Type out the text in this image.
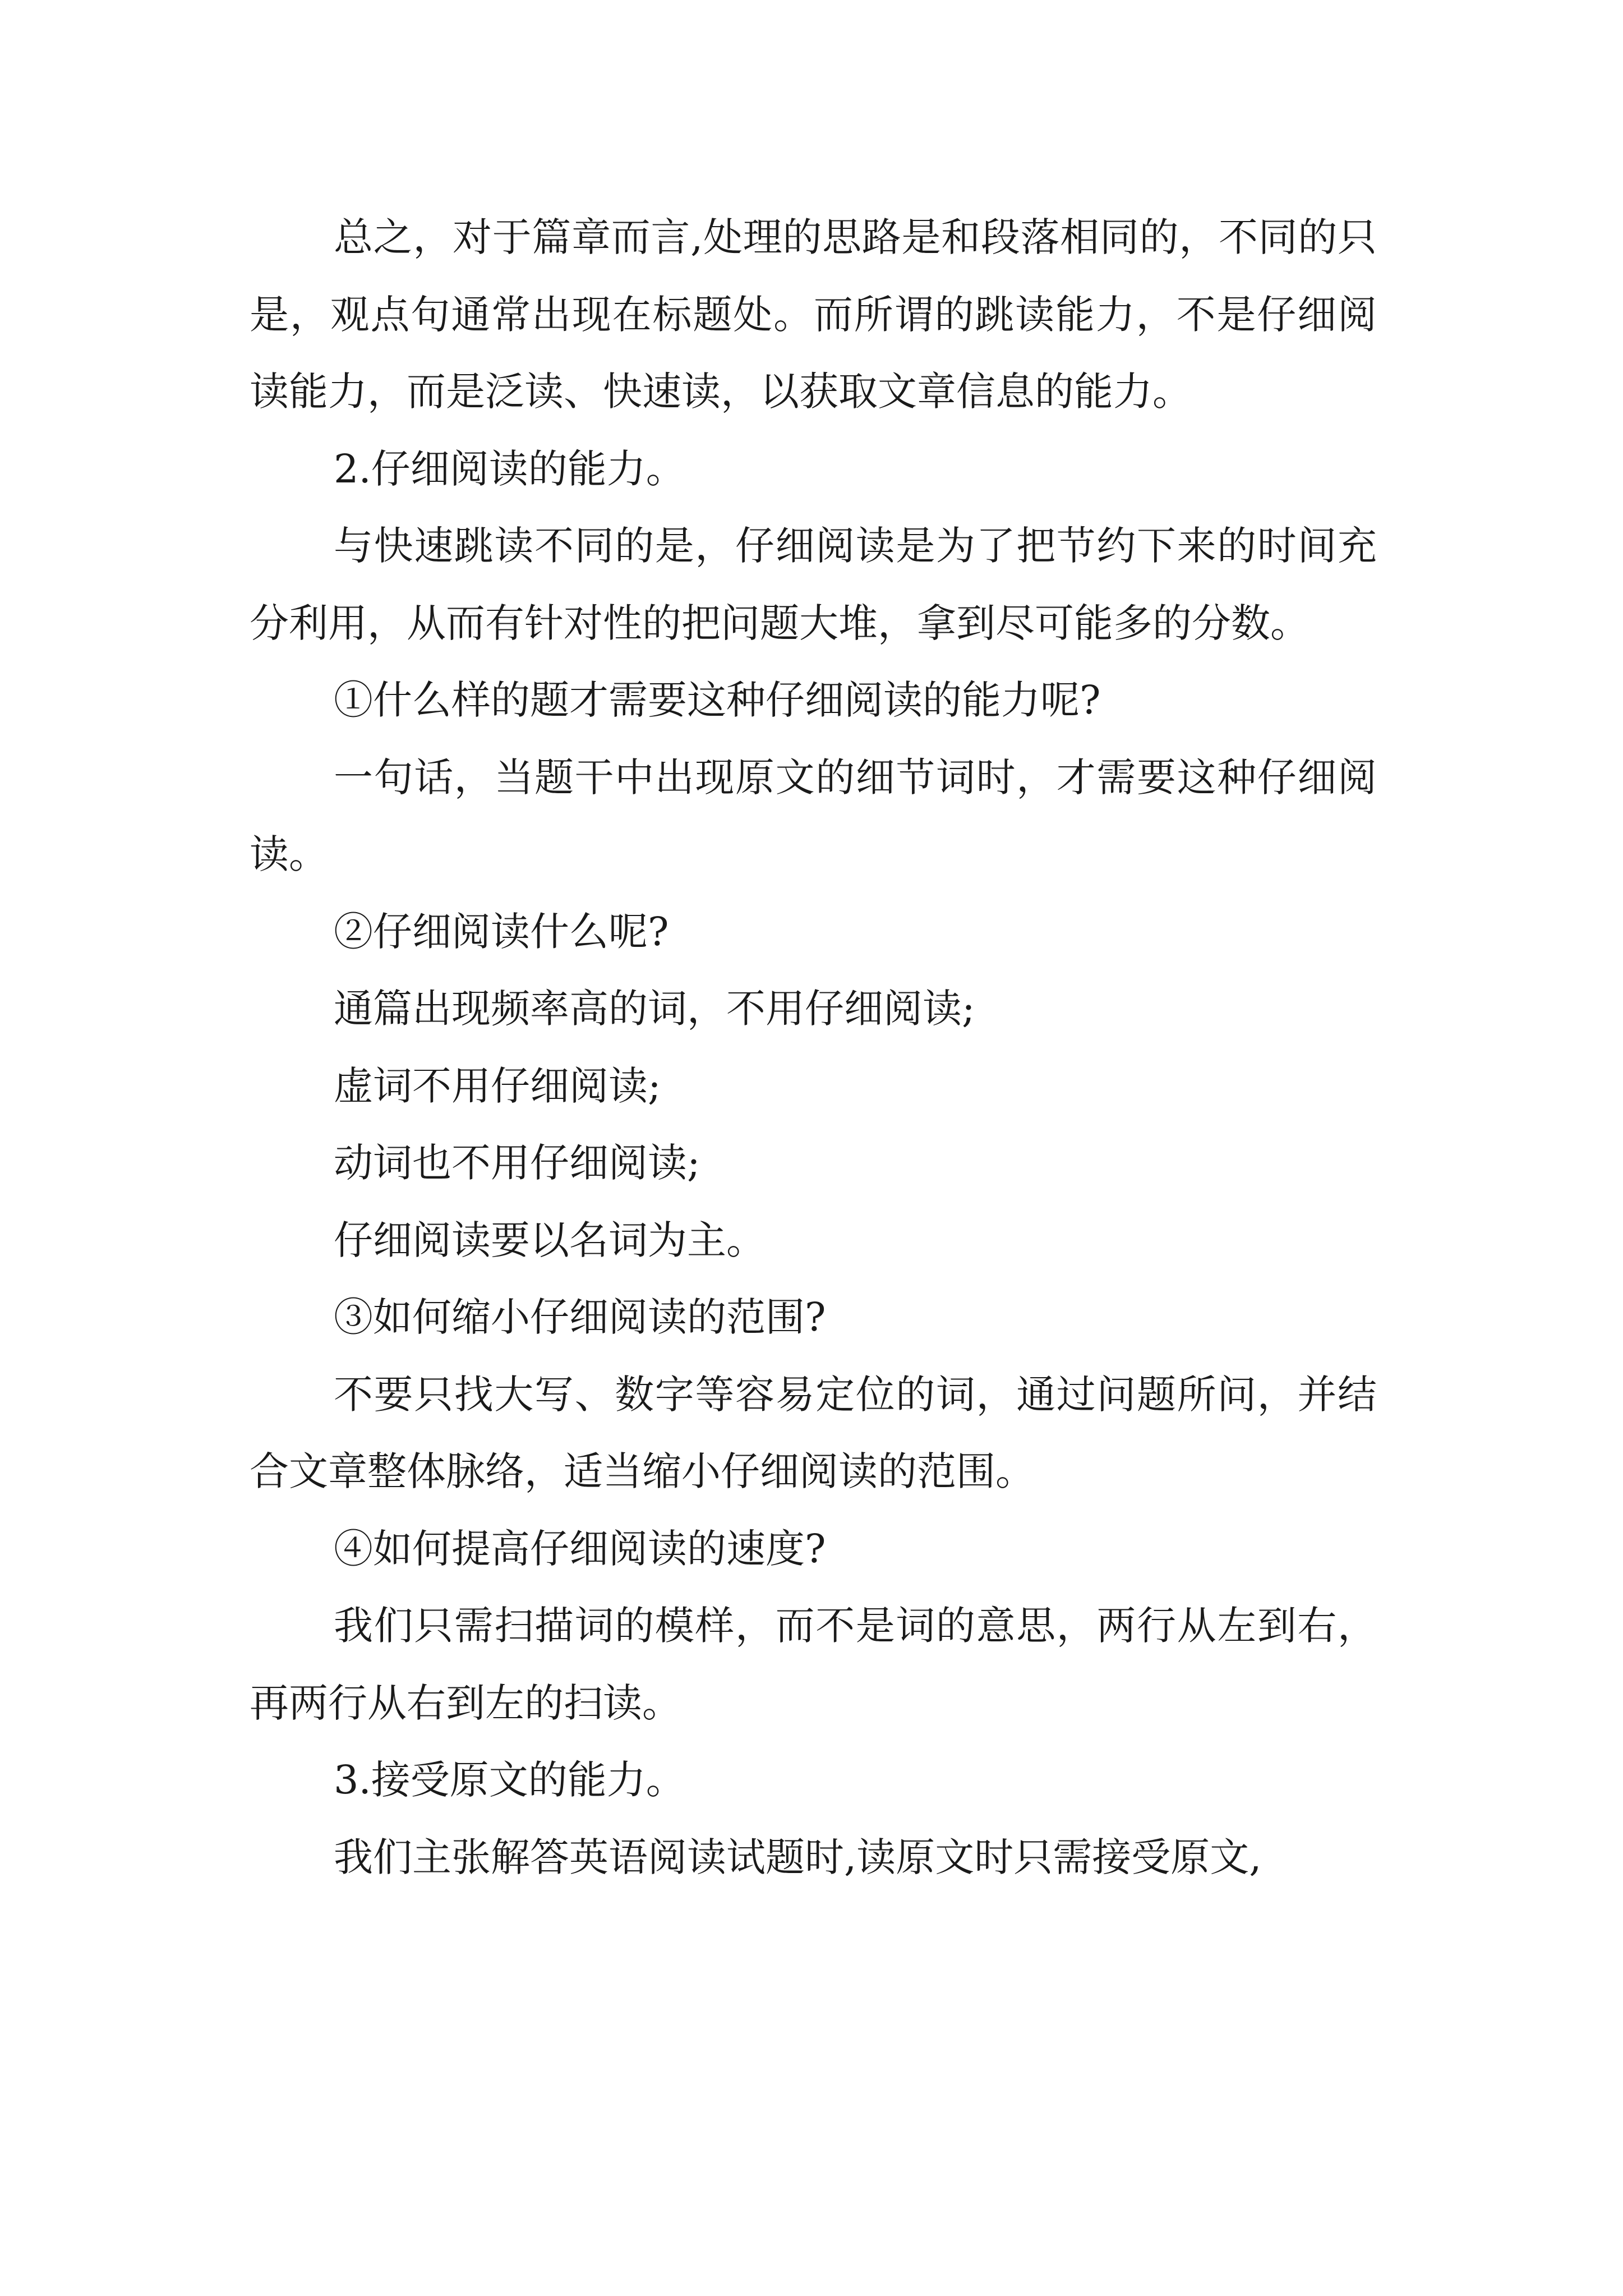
总之，对于篇章而言,处理的思路是和段落相同的，不同的只是，观点句通常出现在标题处。而所谓的跳读能力，不是仔细阅读能力，而是泛读、快速读，以获取文章信息的能力。

2.仔细阅读的能力。

与快速跳读不同的是，仔细阅读是为了把节约下来的时间充分利用，从而有针对性的把问题大堆，拿到尽可能多的分数。

①什么样的题才需要这种仔细阅读的能力呢?

一句话，当题干中出现原文的细节词时，才需要这种仔细阅读。

②仔细阅读什么呢?

通篇出现频率高的词，不用仔细阅读;

虚词不用仔细阅读;

动词也不用仔细阅读;

仔细阅读要以名词为主。

③如何缩小仔细阅读的范围?

不要只找大写、数字等容易定位的词，通过问题所问，并结合文章整体脉络，适当缩小仔细阅读的范围。

④如何提高仔细阅读的速度?

我们只需扫描词的模样，而不是词的意思，两行从左到右，再两行从右到左的扫读。

3.接受原文的能力。

我们主张解答英语阅读试题时,读原文时只需接受原文,
